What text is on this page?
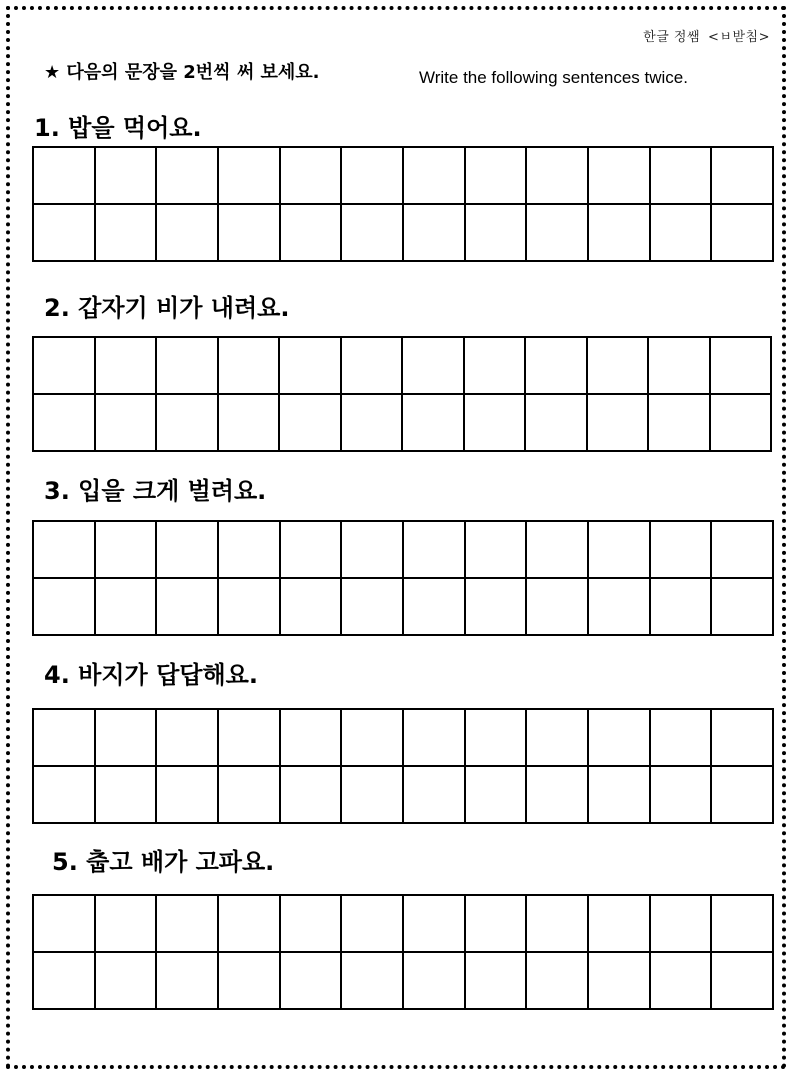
한글 정쌤 <ㅂ받침>
★ 다음의 문장을 2번씩 써 보세요.	Write the following sentences twice.
1. 밥을 먹어요.

2. 갑자기 비가 내려요.

3. 입을 크게 벌려요.

4. 바지가 답답해요.

5. 춥고 배가 고파요.
